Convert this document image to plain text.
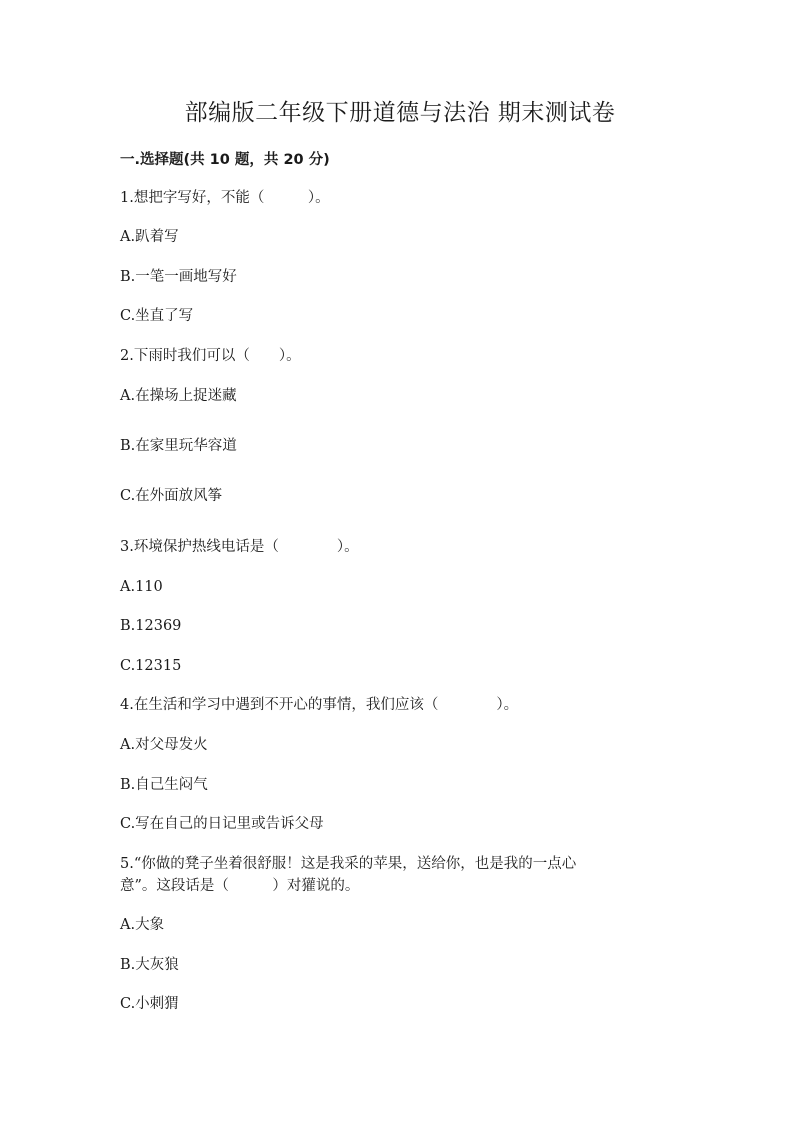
部编版二年级下册道德与法治 期末测试卷
一.选择题(共 10 题，共 20 分)
1.想把字写好，不能（　　　）。
A.趴着写
B.一笔一画地写好
C.坐直了写
2.下雨时我们可以（　　）。
A.在操场上捉迷藏
B.在家里玩华容道
C.在外面放风筝
3.环境保护热线电话是（　　　　）。
A.110
B.12369
C.12315
4.在生活和学习中遇到不开心的事情，我们应该（　　　　）。
A.对父母发火
B.自己生闷气
C.写在自己的日记里或告诉父母
5.“你做的凳子坐着很舒服！这是我采的苹果，送给你，也是我的一点心
意”。这段话是（　　　）对獾说的。
A.大象
B.大灰狼
C.小刺猬
